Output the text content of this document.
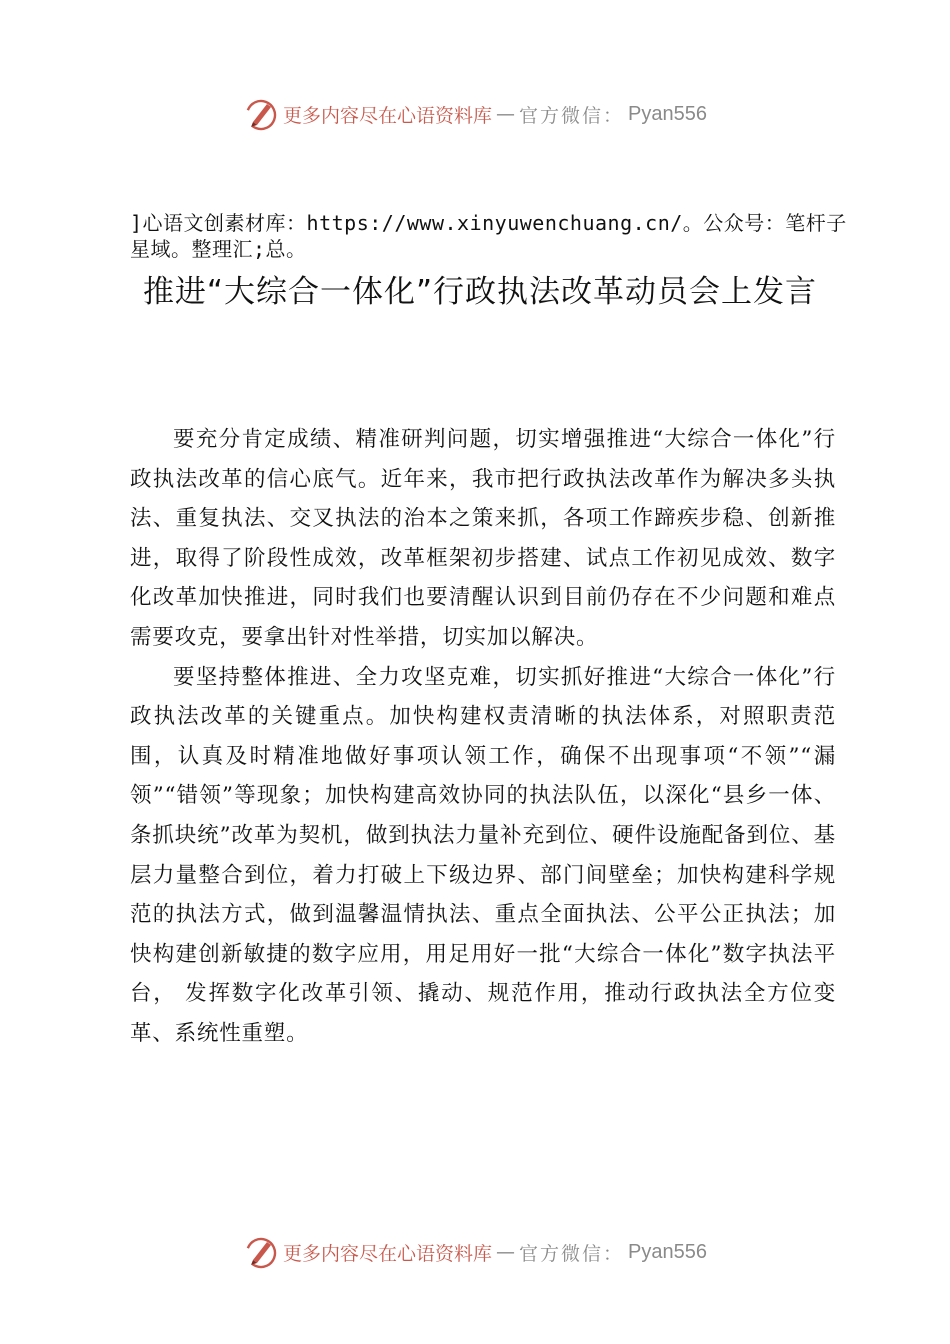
更多内容尽在心语资料库 — 官方微信： Pyan556
]心语文创素材库：https://www.xinyuwenchuang.cn/。公众号：笔杆子星域。整理汇;总。
推进“大综合一体化”行政执法改革动员会上发言

要充分肯定成绩、精准研判问题，切实增强推进“大综合一体化”行政执法改革的信心底气。近年来，我市把行政执法改革作为解决多头执法、重复执法、交叉执法的治本之策来抓，各项工作蹄疾步稳、创新推进，取得了阶段性成效，改革框架初步搭建、试点工作初见成效、数字化改革加快推进，同时我们也要清醒认识到目前仍存在不少问题和难点需要攻克，要拿出针对性举措，切实加以解决。

要坚持整体推进、全力攻坚克难，切实抓好推进“大综合一体化”行政执法改革的关键重点。加快构建权责清晰的执法体系，对照职责范围，认真及时精准地做好事项认领工作，确保不出现事项“不领”“漏领”“错领”等现象；加快构建高效协同的执法队伍，以深化“县乡一体、条抓块统”改革为契机，做到执法力量补充到位、硬件设施配备到位、基层力量整合到位，着力打破上下级边界、部门间壁垒；加快构建科学规范的执法方式，做到温馨温情执法、重点全面执法、公平公正执法；加快构建创新敏捷的数字应用，用足用好一批“大综合一体化”数字执法平台， 发挥数字化改革引领、撬动、规范作用，推动行政执法全方位变革、系统性重塑。

更多内容尽在心语资料库 — 官方微信： Pyan556
